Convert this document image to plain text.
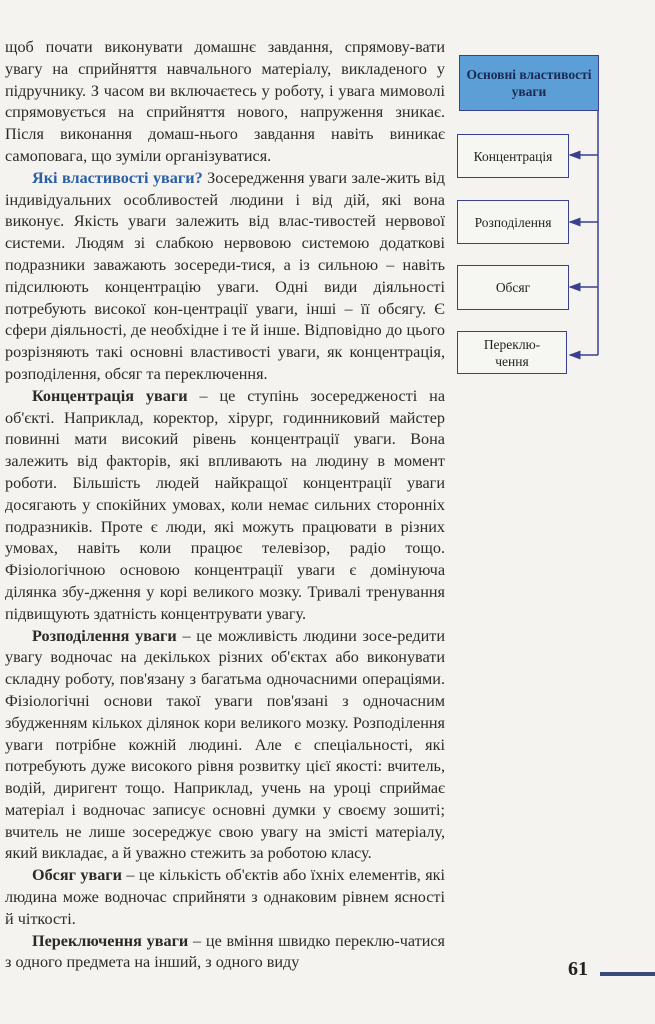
щоб почати виконувати домашнє завдання, спрямову-вати увагу на сприйняття навчального матеріалу, викладеного у підручнику. З часом ви включаєтесь у роботу, і увага мимоволі спрямовується на сприйняття нового, напруження зникає. Після виконання домаш-нього завдання навіть виникає самоповага, що зуміли організуватися.

Які властивості уваги? Зосередження уваги зале-жить від індивідуальних особливостей людини і від дій, які вона виконує. Якість уваги залежить від влас-тивостей нервової системи. Людям зі слабкою нервовою системою додаткові подразники заважають зосереди-тися, а із сильною – навіть підсилюють концентрацію уваги. Одні види діяльності потребують високої кон-центрації уваги, інші – її обсягу. Є сфери діяльності, де необхідне і те й інше. Відповідно до цього розрізняють такі основні властивості уваги, як концентрація, розподілення, обсяг та переключення.

Концентрація уваги – це ступінь зосередженості на об'єкті. Наприклад, коректор, хірург, годинниковий майстер повинні мати високий рівень концентрації уваги. Вона залежить від факторів, які впливають на людину в момент роботи. Більшість людей найкращої концентрації уваги досягають у спокійних умовах, коли немає сильних сторонніх подразників. Проте є люди, які можуть працювати в різних умовах, навіть коли працює телевізор, радіо тощо. Фізіологічною основою концентрації уваги є домінуюча ділянка збу-дження у корі великого мозку. Тривалі тренування підвищують здатність концентрувати увагу.

Розподілення уваги – це можливість людини зосе-редити увагу водночас на декількох різних об'єктах або виконувати складну роботу, пов'язану з багатьма одночасними операціями. Фізіологічні основи такої уваги пов'язані з одночасним збудженням кількох ділянок кори великого мозку. Розподілення уваги потрібне кожній людині. Але є спеціальності, які потребують дуже високого рівня розвитку цієї якості: вчитель, водій, диригент тощо. Наприклад, учень на уроці сприймає матеріал і водночас записує основні думки у своєму зошиті; вчитель не лише зосереджує свою увагу на змісті матеріалу, який викладає, а й уважно стежить за роботою класу.

Обсяг уваги – це кількість об'єктів або їхніх елементів, які людина може водночас сприйняти з однаковим рівнем ясності й чіткості.

Переключення уваги – це вміння швидко переклю-чатися з одного предмета на інший, з одного виду

Основні властивості уваги
Концентрація
Розподілення
Обсяг
Переклю-чення
61
